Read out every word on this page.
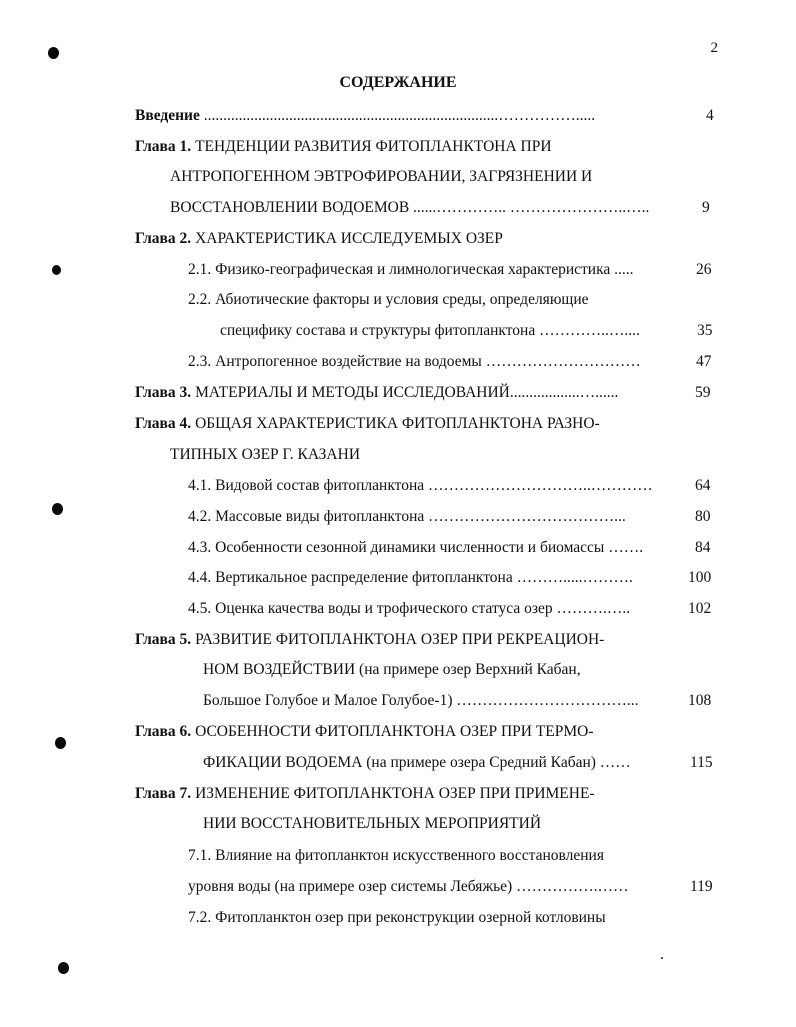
2
СОДЕРЖАНИЕ
Введение ............................................................................…………….....	4
Глава 1. ТЕНДЕНЦИИ РАЗВИТИЯ ФИТОПЛАНКТОНА ПРИ
АНТРОПОГЕННОМ ЭВТРОФИРОВАНИИ, ЗАГРЯЗНЕНИИ И
ВОССТАНОВЛЕНИИ ВОДОЕМОВ ......………….. …………………..…..	9
Глава 2. ХАРАКТЕРИСТИКА ИССЛЕДУЕМЫХ ОЗЕР
2.1. Физико-географическая и лимнологическая характеристика .....	26
2.2. Абиотические факторы и условия среды, определяющие
специфику состава и структуры фитопланктона …………..…....	35
2.3. Антропогенное воздействие на водоемы …………………………	47
Глава 3. МАТЕРИАЛЫ И МЕТОДЫ ИССЛЕДОВАНИЙ..................…......	59
Глава 4. ОБЩАЯ ХАРАКТЕРИСТИКА ФИТОПЛАНКТОНА РАЗНО-
ТИПНЫХ ОЗЕР Г. КАЗАНИ
4.1. Видовой состав фитопланктона …………………………..…………	64
4.2. Массовые виды фитопланктона ………………………………...	80
4.3. Особенности сезонной динамики численности и биомассы …….	84
4.4. Вертикальное распределение фитопланктона ……….....……….	100
4.5. Оценка качества воды и трофического статуса озер ……….…..	102
Глава 5. РАЗВИТИЕ ФИТОПЛАНКТОНА ОЗЕР ПРИ РЕКРЕАЦИОН-
НОМ ВОЗДЕЙСТВИИ (на примере озер Верхний Кабан,
Большое Голубое и Малое Голубое-1) ……………………………...	108
Глава 6. ОСОБЕННОСТИ ФИТОПЛАНКТОНА ОЗЕР ПРИ ТЕРМО-
ФИКАЦИИ ВОДОЕМА (на примере озера Средний Кабан) ……	115
Глава 7. ИЗМЕНЕНИЕ ФИТОПЛАНКТОНА ОЗЕР ПРИ ПРИМЕНЕ-
НИИ ВОССТАНОВИТЕЛЬНЫХ МЕРОПРИЯТИЙ
7.1. Влияние на фитопланктон искусственного восстановления
уровня воды (на примере озер системы Лебяжье) …………….……	119
7.2. Фитопланктон озер при реконструкции озерной котловины
